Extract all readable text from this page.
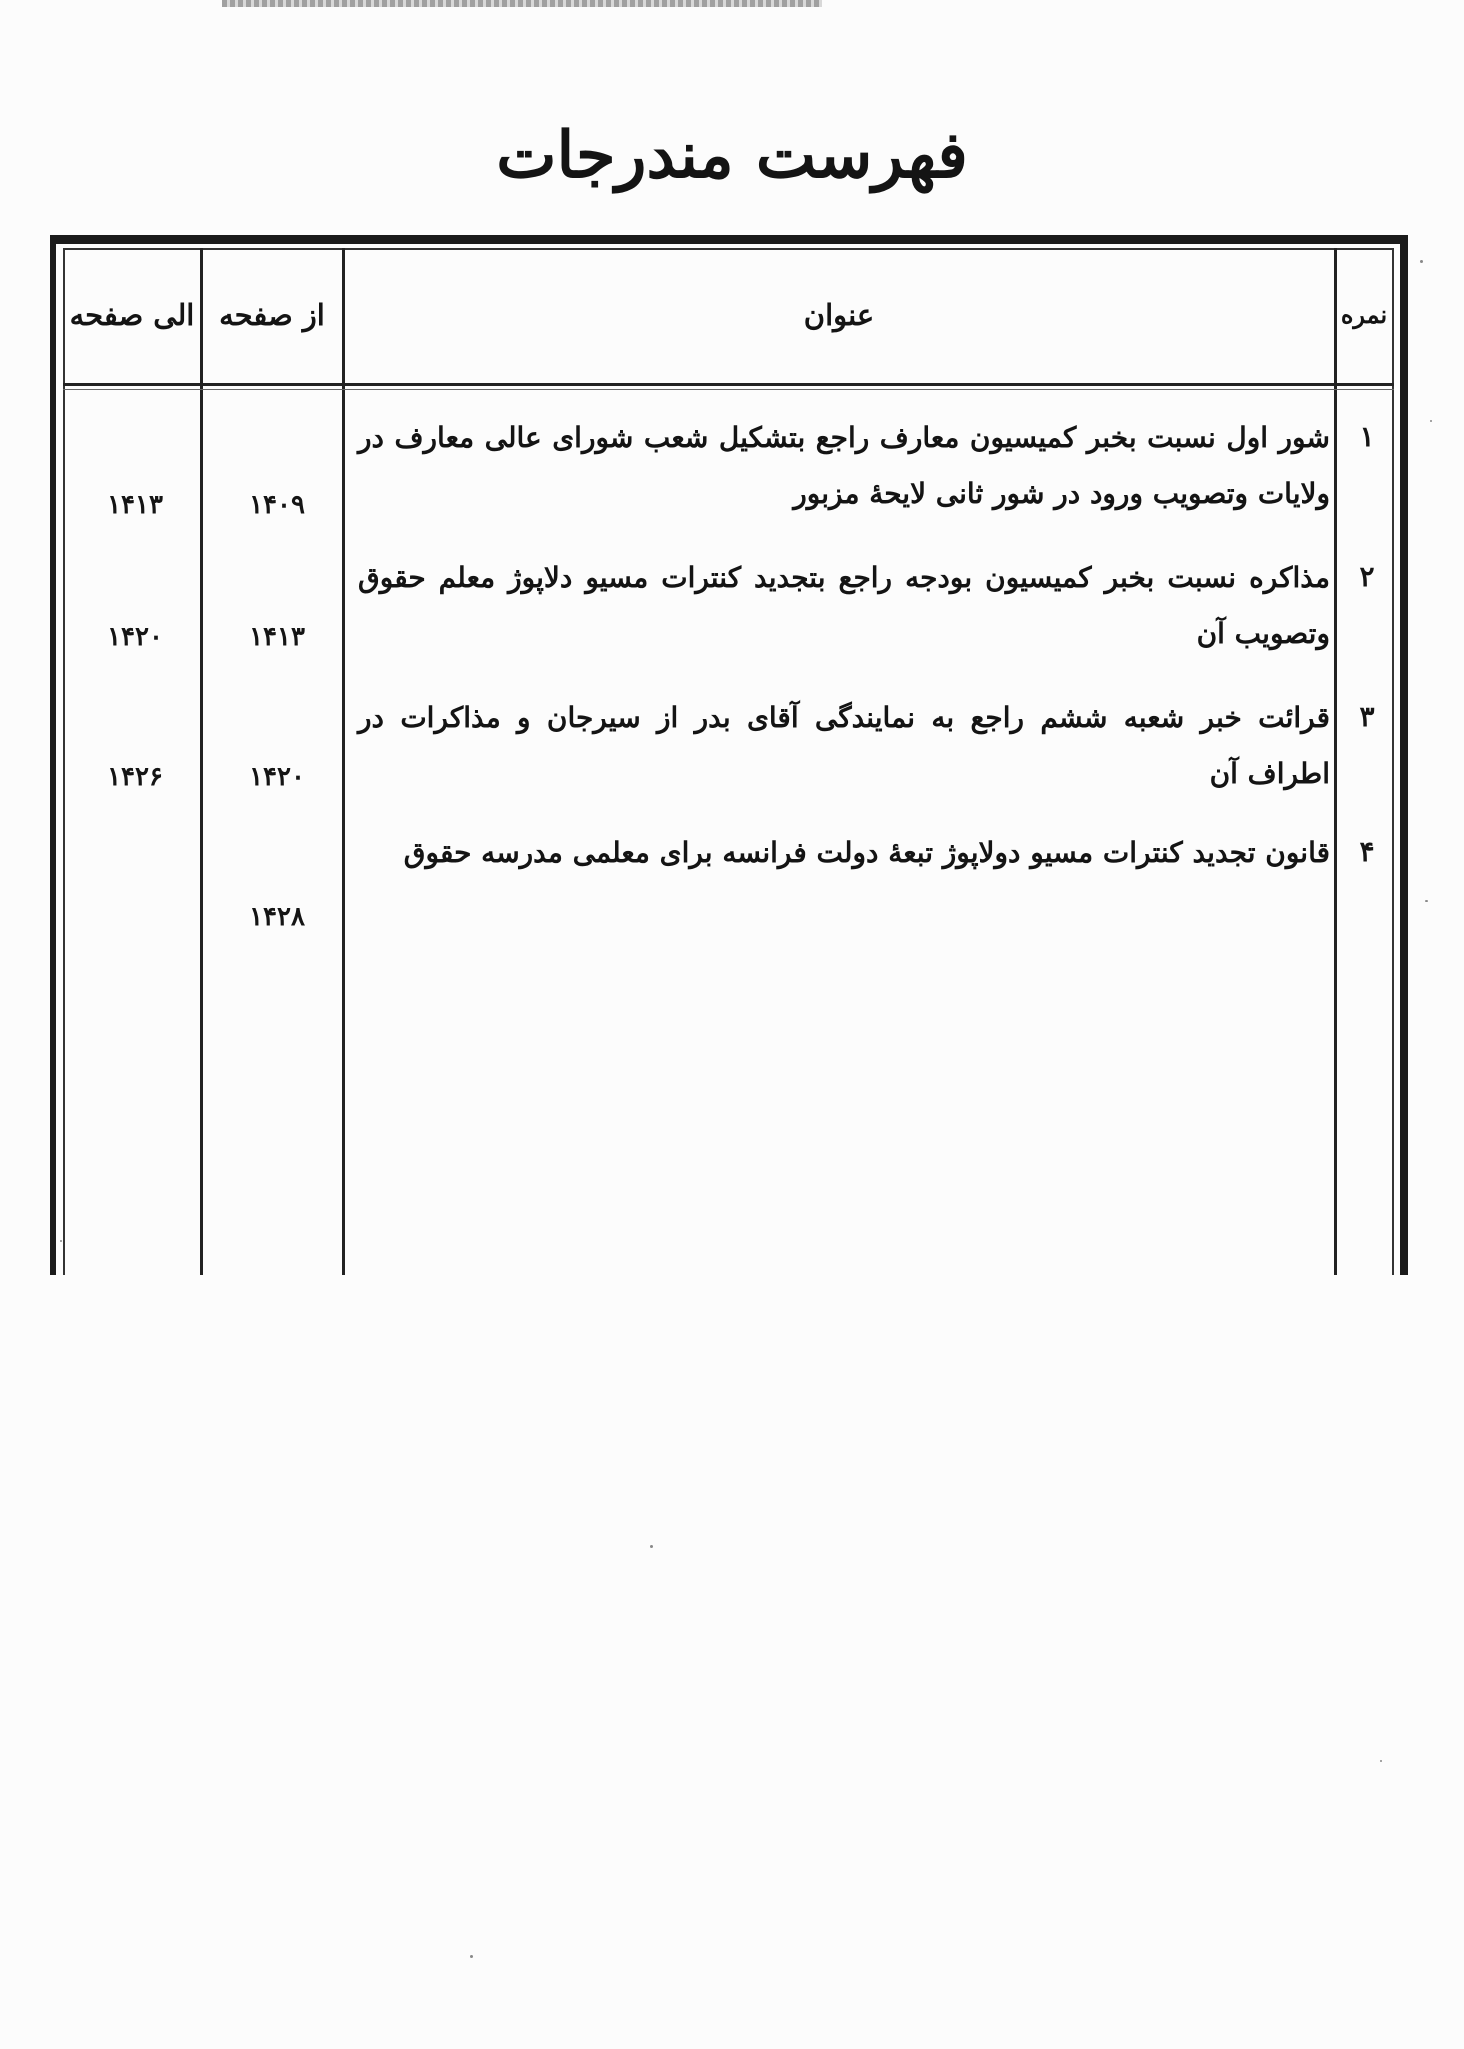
فهرست مندرجات
نمره
عنوان
از صفحه
الی صفحه
۱
شور اول نسبت بخبر کمیسیون معارف راجع بتشکیل شعب شورای عالی معارف در ولایات وتصویب ورود در شور ثانی لایحهٔ مزبور
۱۴۰۹
۱۴۱۳
۲
مذاکره نسبت بخبر کمیسیون بودجه راجع بتجدید کنترات مسیو دلاپوژ معلم حقوق وتصویب آن
۱۴۱۳
۱۴۲۰
۳
قرائت خبر شعبه ششم راجع به نمایندگی آقای بدر از سیرجان و مذاکرات در اطراف آن
۱۴۲۰
۱۴۲۶
۴
قانون تجدید کنترات مسیو دولاپوژ تبعهٔ دولت فرانسه برای معلمی مدرسه حقوق
۱۴۲۸
